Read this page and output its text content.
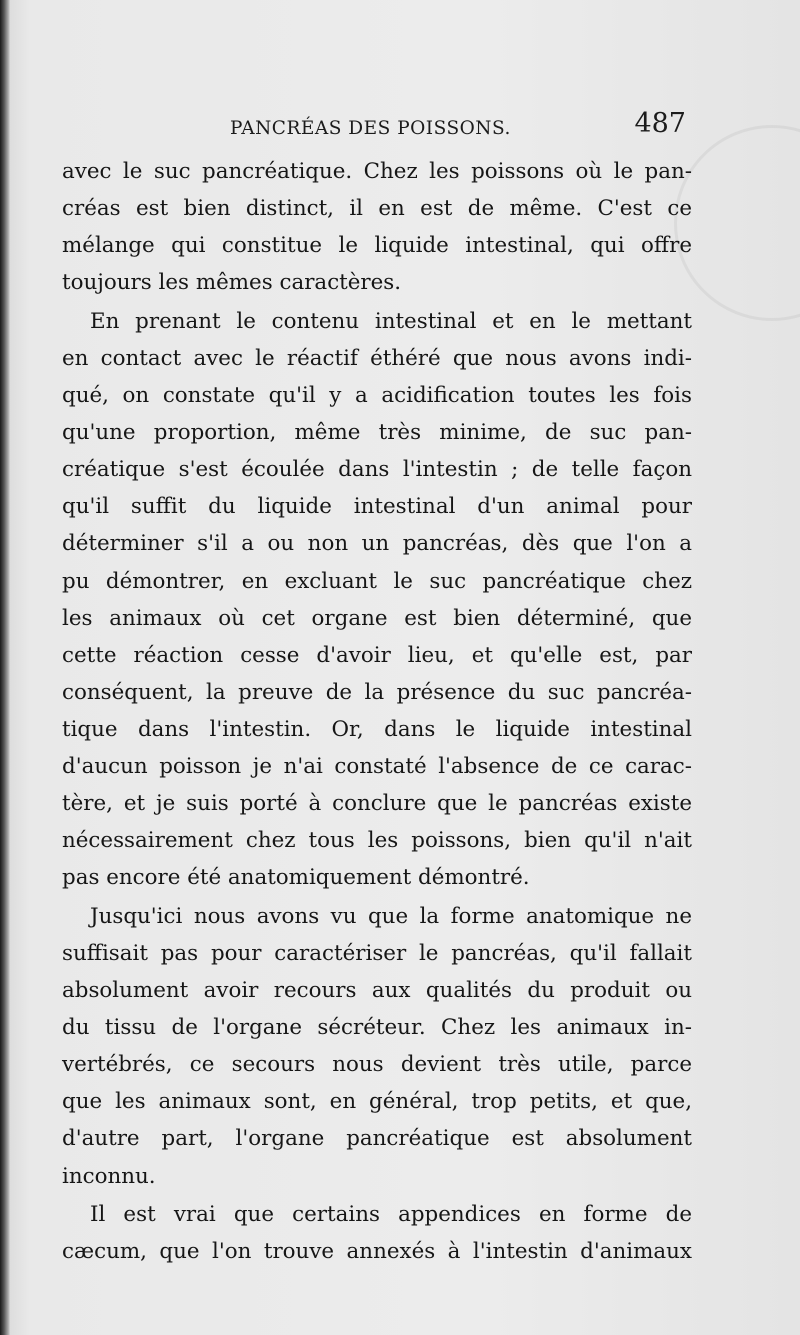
PANCRÉAS DES POISSONS.	487
avec le suc pancréatique. Chez les poissons où le pan-
créas est bien distinct, il en est de même. C'est ce
mélange qui constitue le liquide intestinal, qui offre
toujours les mêmes caractères.
En prenant le contenu intestinal et en le mettant
en contact avec le réactif éthéré que nous avons indi-
qué, on constate qu'il y a acidification toutes les fois
qu'une proportion, même très minime, de suc pan-
créatique s'est écoulée dans l'intestin ; de telle façon
qu'il suffit du liquide intestinal d'un animal pour
déterminer s'il a ou non un pancréas, dès que l'on a
pu démontrer, en excluant le suc pancréatique chez
les animaux où cet organe est bien déterminé, que
cette réaction cesse d'avoir lieu, et qu'elle est, par
conséquent, la preuve de la présence du suc pancréa-
tique dans l'intestin. Or, dans le liquide intestinal
d'aucun poisson je n'ai constaté l'absence de ce carac-
tère, et je suis porté à conclure que le pancréas existe
nécessairement chez tous les poissons, bien qu'il n'ait
pas encore été anatomiquement démontré.
Jusqu'ici nous avons vu que la forme anatomique ne
suffisait pas pour caractériser le pancréas, qu'il fallait
absolument avoir recours aux qualités du produit ou
du tissu de l'organe sécréteur. Chez les animaux in-
vertébrés, ce secours nous devient très utile, parce
que les animaux sont, en général, trop petits, et que,
d'autre part, l'organe pancréatique est absolument
inconnu.
Il est vrai que certains appendices en forme de
cæcum, que l'on trouve annexés à l'intestin d'animaux
